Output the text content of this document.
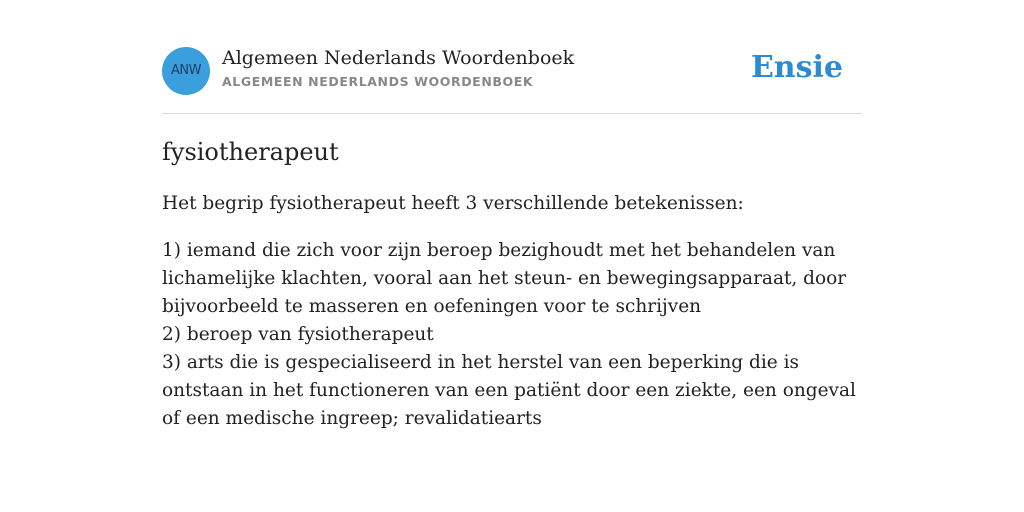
ANW
Algemeen Nederlands Woordenboek
ALGEMEEN NEDERLANDS WOORDENBOEK	Ensie
fysiotherapeut

Het begrip fysiotherapeut heeft 3 verschillende betekenissen:

1) iemand die zich voor zijn beroep bezighoudt met het behandelen van lichamelijke klachten, vooral aan het steun- en bewegingsapparaat, door bijvoorbeeld te masseren en oefeningen voor te schrijven
2) beroep van fysiotherapeut
3) arts die is gespecialiseerd in het herstel van een beperking die is ontstaan in het functioneren van een patiënt door een ziekte, een ongeval of een medische ingreep; revalidatiearts
